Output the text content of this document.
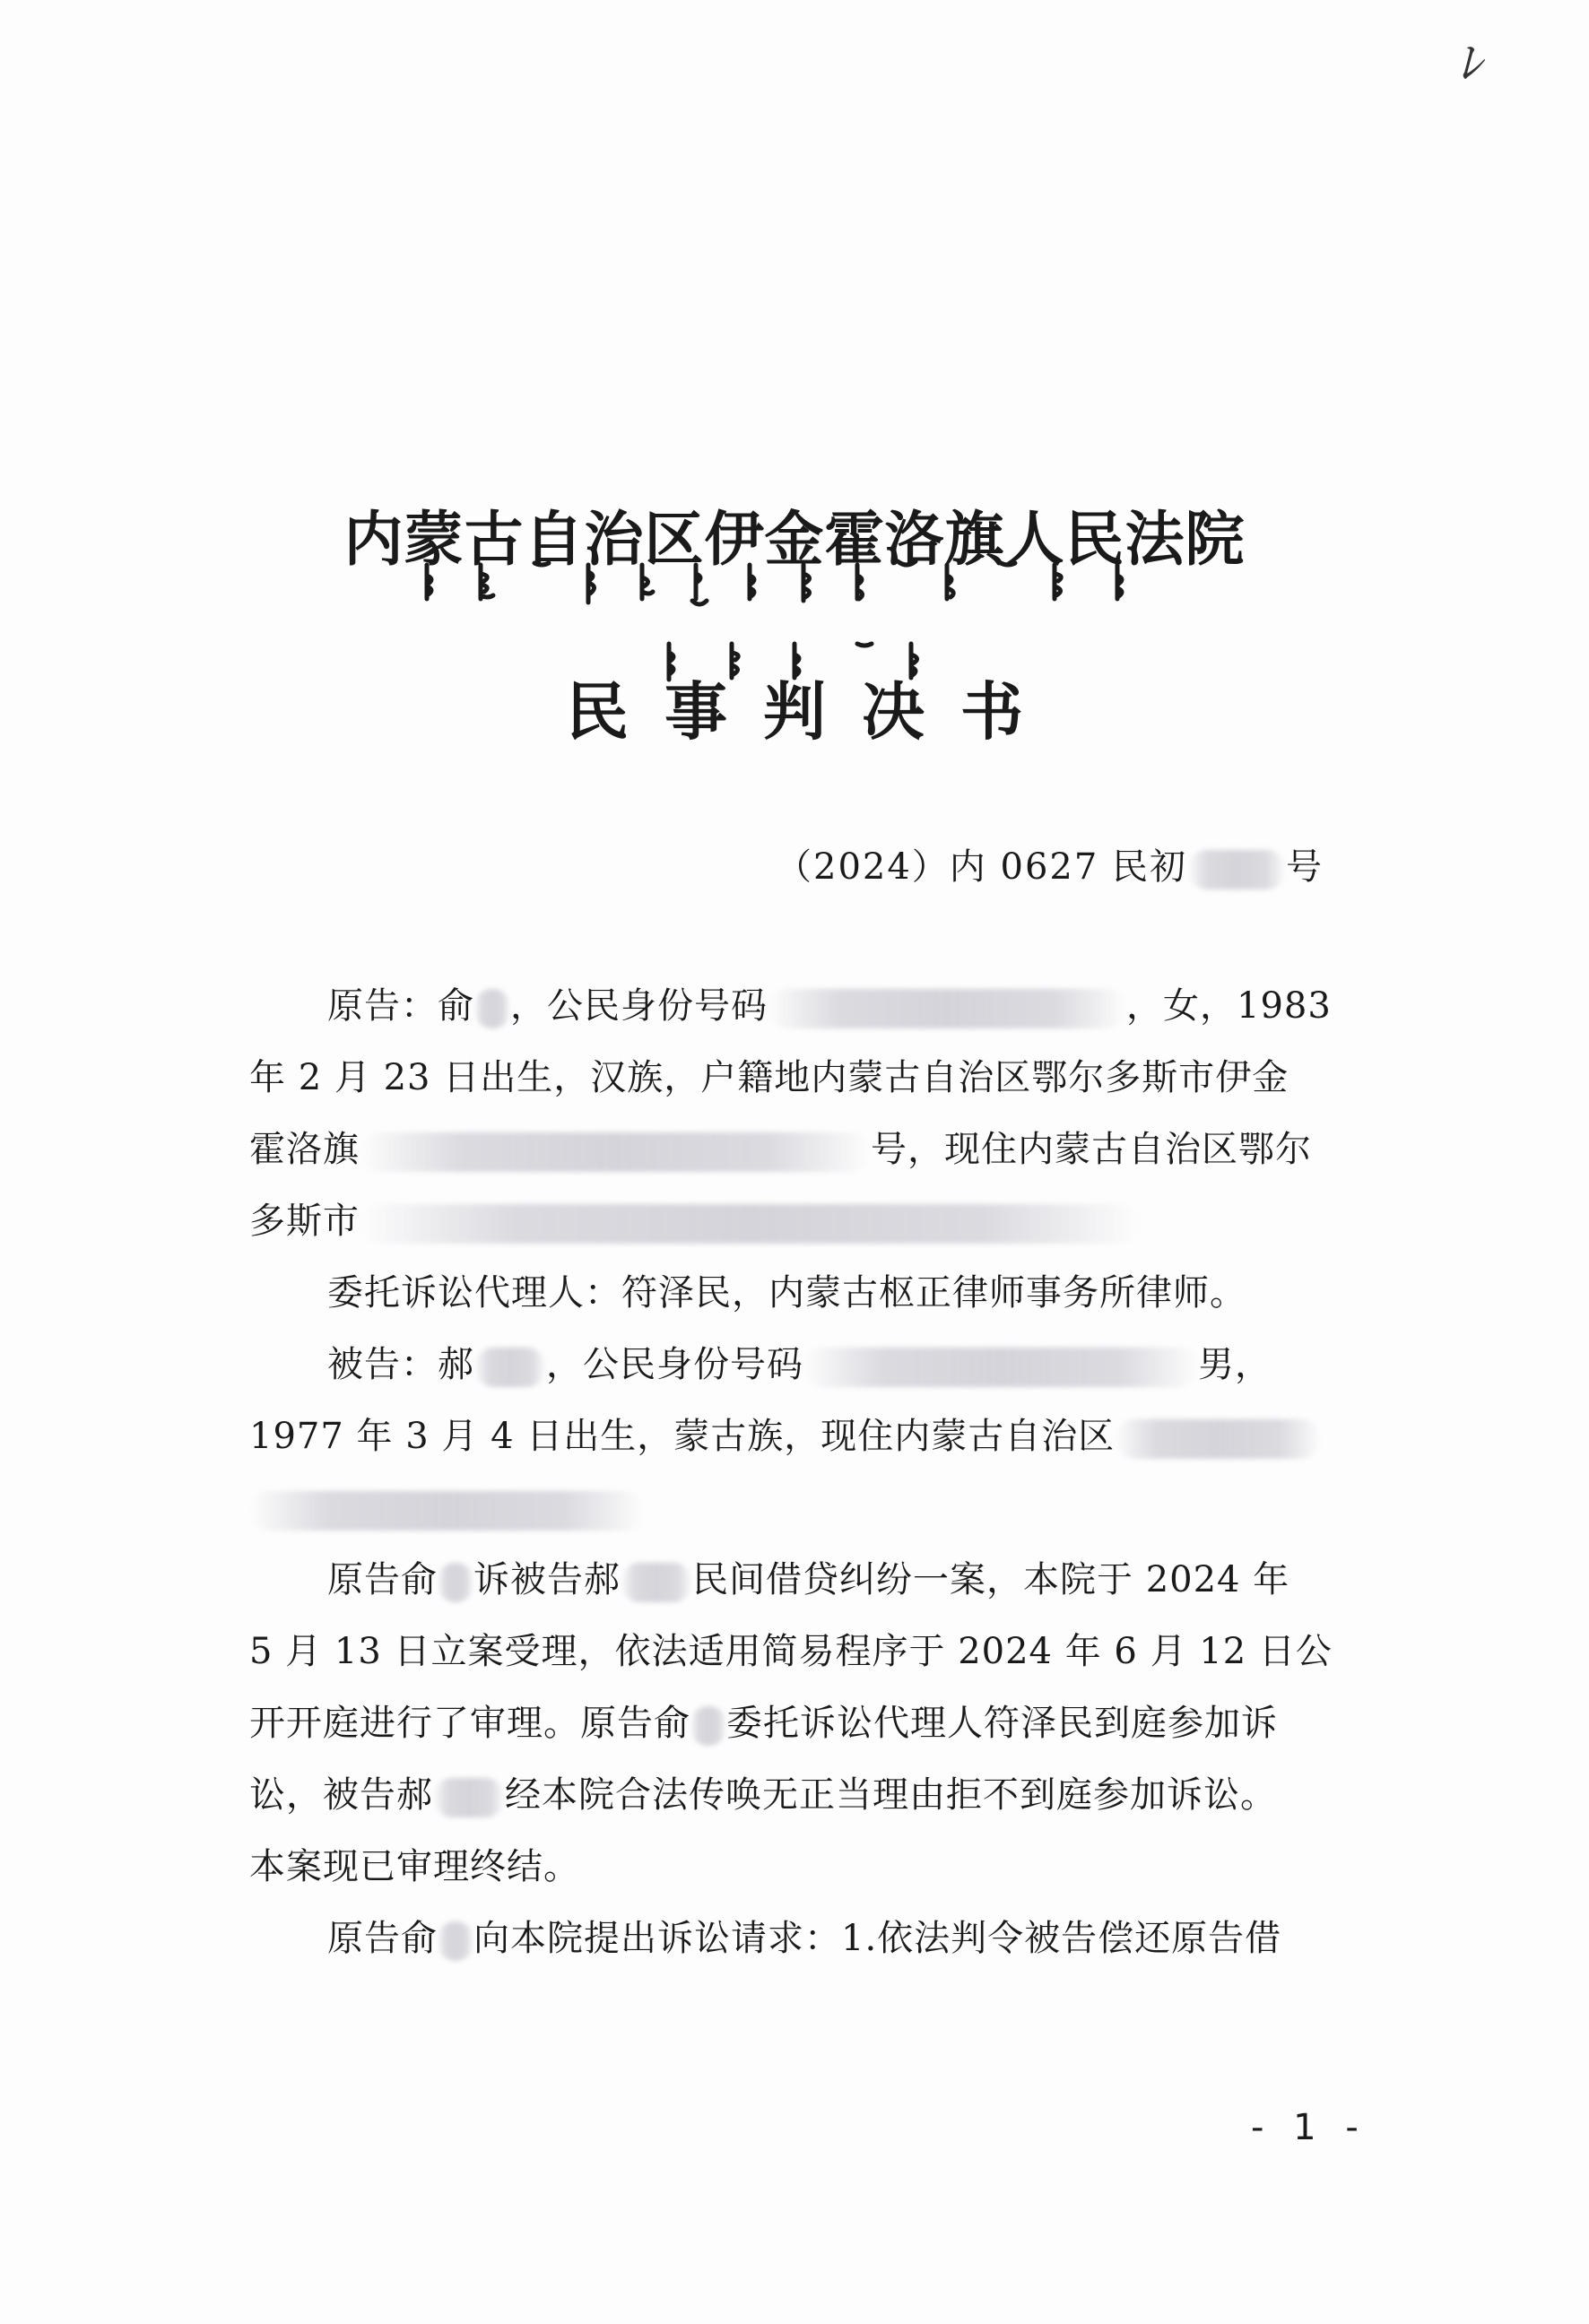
ﾚ
内蒙古自治区伊金霍洛旗人民法院
民事判决书
（2024）内 0627 民初	号
原告：俞 ，公民身份号码	，女，1983
年 2 月 23 日出生，汉族，户籍地内蒙古自治区鄂尔多斯市伊金
霍洛旗	号，现住内蒙古自治区鄂尔
多斯市
委托诉讼代理人：符泽民，内蒙古枢正律师事务所律师。
被告：郝 ，公民身份号码	男，
1977 年 3 月 4 日出生，蒙古族，现住内蒙古自治区
原告俞 诉被告郝 民间借贷纠纷一案，本院于 2024 年
5 月 13 日立案受理，依法适用简易程序于 2024 年 6 月 12 日公
开开庭进行了审理。原告俞 委托诉讼代理人符泽民到庭参加诉
讼，被告郝 经本院合法传唤无正当理由拒不到庭参加诉讼。
本案现已审理终结。
原告俞 向本院提出诉讼请求：1.依法判令被告偿还原告借
- 1 -
